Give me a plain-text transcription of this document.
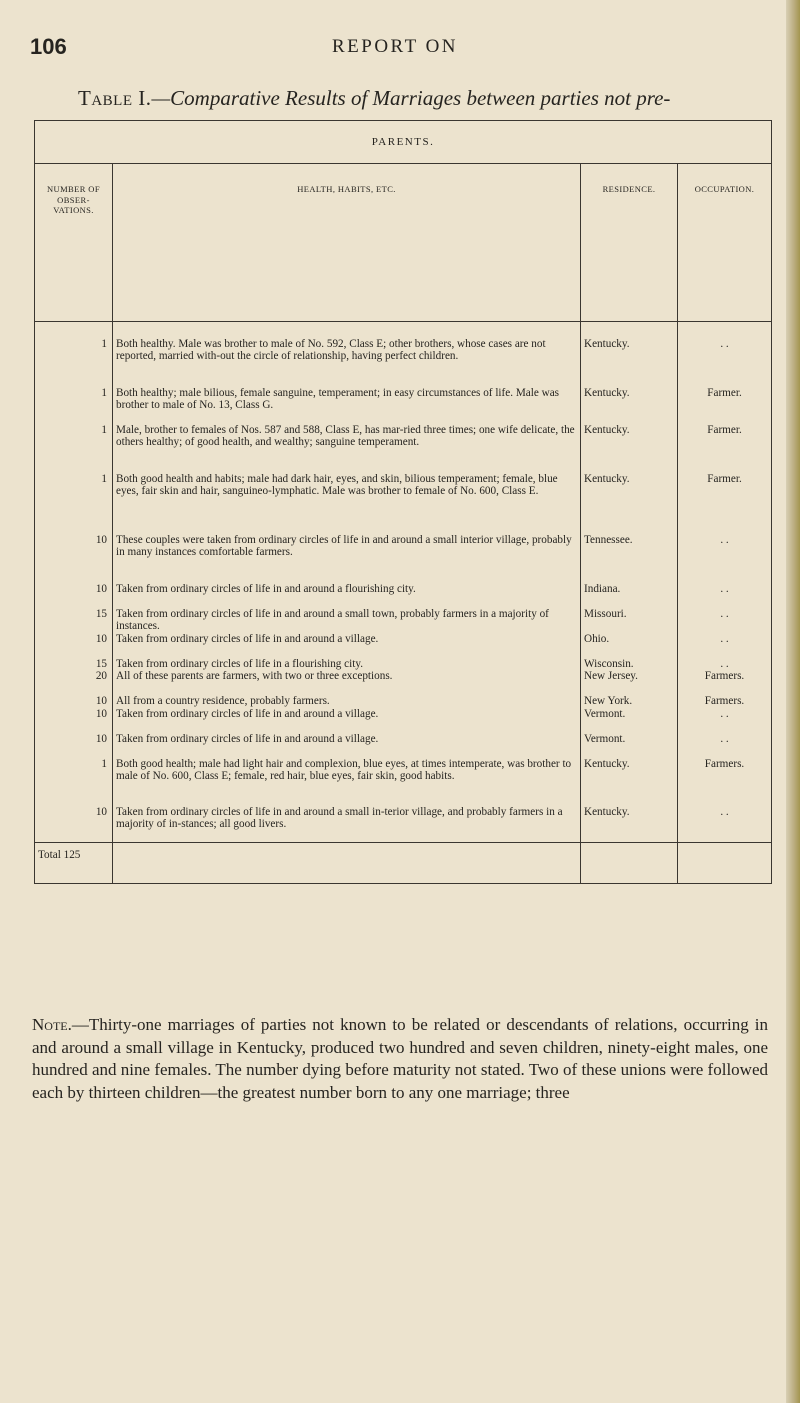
106	REPORT ON
Table I.—Comparative Results of Marriages between parties not pre-
PARENTS.			
NUMBER OF OBSER- VATIONS.	HEALTH, HABITS, ETC.	RESIDENCE.	OCCUPATION.
1	Both healthy. Male was brother to male of No. 592, Class E; other brothers, whose cases are not reported, married with-out the circle of relationship, having perfect children.	Kentucky.	. .
1	Both healthy; male bilious, female sanguine, temperament; in easy circumstances of life. Male was brother to male of No. 13, Class G.	Kentucky.	Farmer.
1	Male, brother to females of Nos. 587 and 588, Class E, has mar-ried three times; one wife delicate, the others healthy; of good health, and wealthy; sanguine temperament.	Kentucky.	Farmer.
1	Both good health and habits; male had dark hair, eyes, and skin, bilious temperament; female, blue eyes, fair skin and hair, sanguineo-lymphatic. Male was brother to female of No. 600, Class E.	Kentucky.	Farmer.
10	These couples were taken from ordinary circles of life in and around a small interior village, probably in many instances comfortable farmers.	Tennessee.	. .
10	Taken from ordinary circles of life in and around a flourishing city.	Indiana.	. .
15	Taken from ordinary circles of life in and around a small town, probably farmers in a majority of instances.	Missouri.	. .
10	Taken from ordinary circles of life in and around a village.	Ohio.	. .
15	Taken from ordinary circles of life in a flourishing city.	Wisconsin.	. .
20	All of these parents are farmers, with two or three exceptions.	New Jersey.	Farmers.
10	All from a country residence, probably farmers.	New York.	Farmers.
10	Taken from ordinary circles of life in and around a village.	Vermont.	. .
10	Taken from ordinary circles of life in and around a village.	Vermont.	. .
1	Both good health; male had light hair and complexion, blue eyes, at times intemperate, was brother to male of No. 600, Class E; female, red hair, blue eyes, fair skin, good habits.	Kentucky.	Farmers.
10	Taken from ordinary circles of life in and around a small in-terior village, and probably farmers in a majority of in-stances; all good livers.	Kentucky.	. .
Total 125			
Note.—Thirty-one marriages of parties not known to be related or descendants of relations, occurring in and around a small village in Kentucky, produced two hundred and seven children, ninety-eight males, one hundred and nine females. The number dying before maturity not stated. Two of these unions were followed each by thirteen children—the greatest number born to any one marriage; three
